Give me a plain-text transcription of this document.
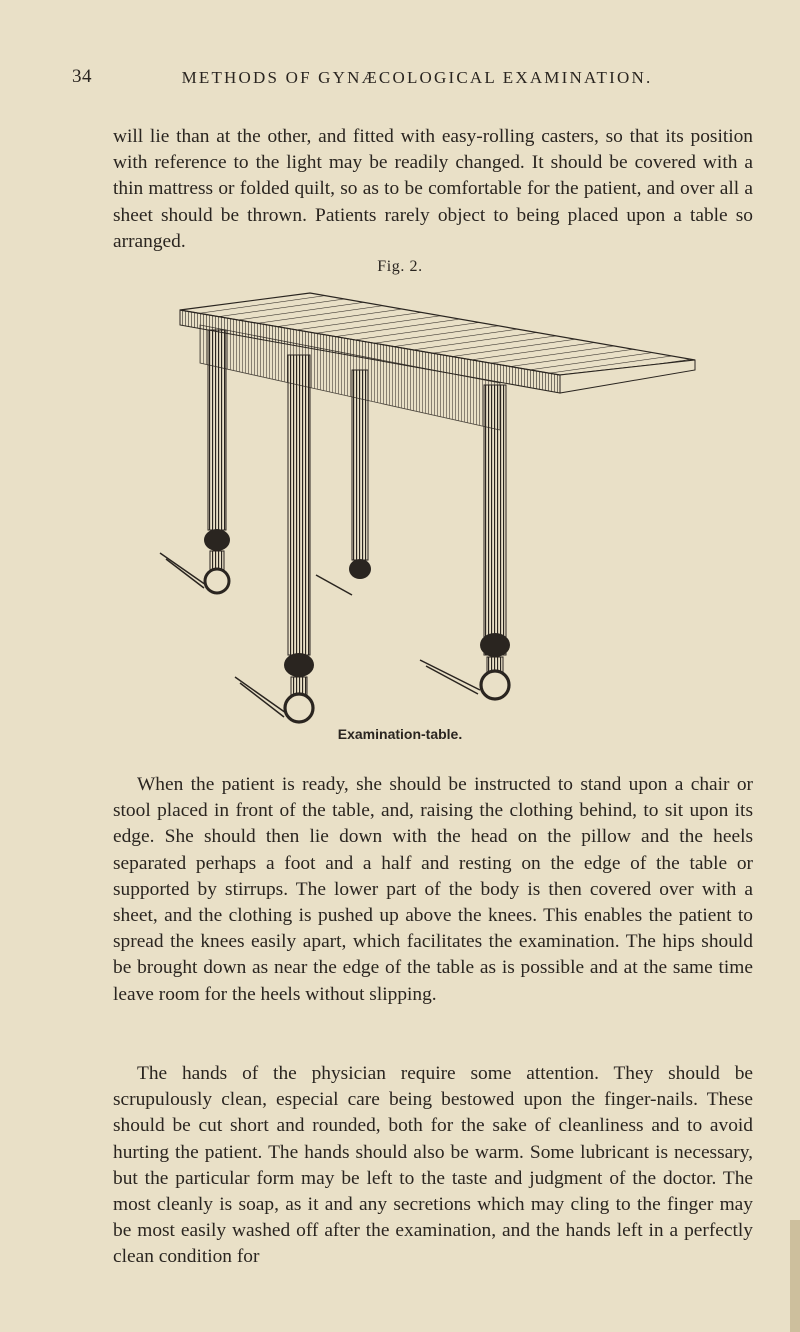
34	METHODS OF GYNÆCOLOGICAL EXAMINATION.

will lie than at the other, and fitted with easy-rolling casters, so that its position with reference to the light may be readily changed. It should be covered with a thin mattress or folded quilt, so as to be comfortable for the patient, and over all a sheet should be thrown. Patients rarely object to being placed upon a table so arranged.

Fig. 2.
Examination-table.

When the patient is ready, she should be instructed to stand upon a chair or stool placed in front of the table, and, raising the clothing behind, to sit upon its edge. She should then lie down with the head on the pillow and the heels separated perhaps a foot and a half and resting on the edge of the table or supported by stirrups. The lower part of the body is then covered over with a sheet, and the clothing is pushed up above the knees. This enables the patient to spread the knees easily apart, which facilitates the examination. The hips should be brought down as near the edge of the table as is possible and at the same time leave room for the heels without slipping.

The hands of the physician require some attention. They should be scrupulously clean, especial care being bestowed upon the finger-nails. These should be cut short and rounded, both for the sake of cleanliness and to avoid hurting the patient. The hands should also be warm. Some lubricant is necessary, but the particular form may be left to the taste and judgment of the doctor. The most cleanly is soap, as it and any secretions which may cling to the finger may be most easily washed off after the examination, and the hands left in a perfectly clean condition for
